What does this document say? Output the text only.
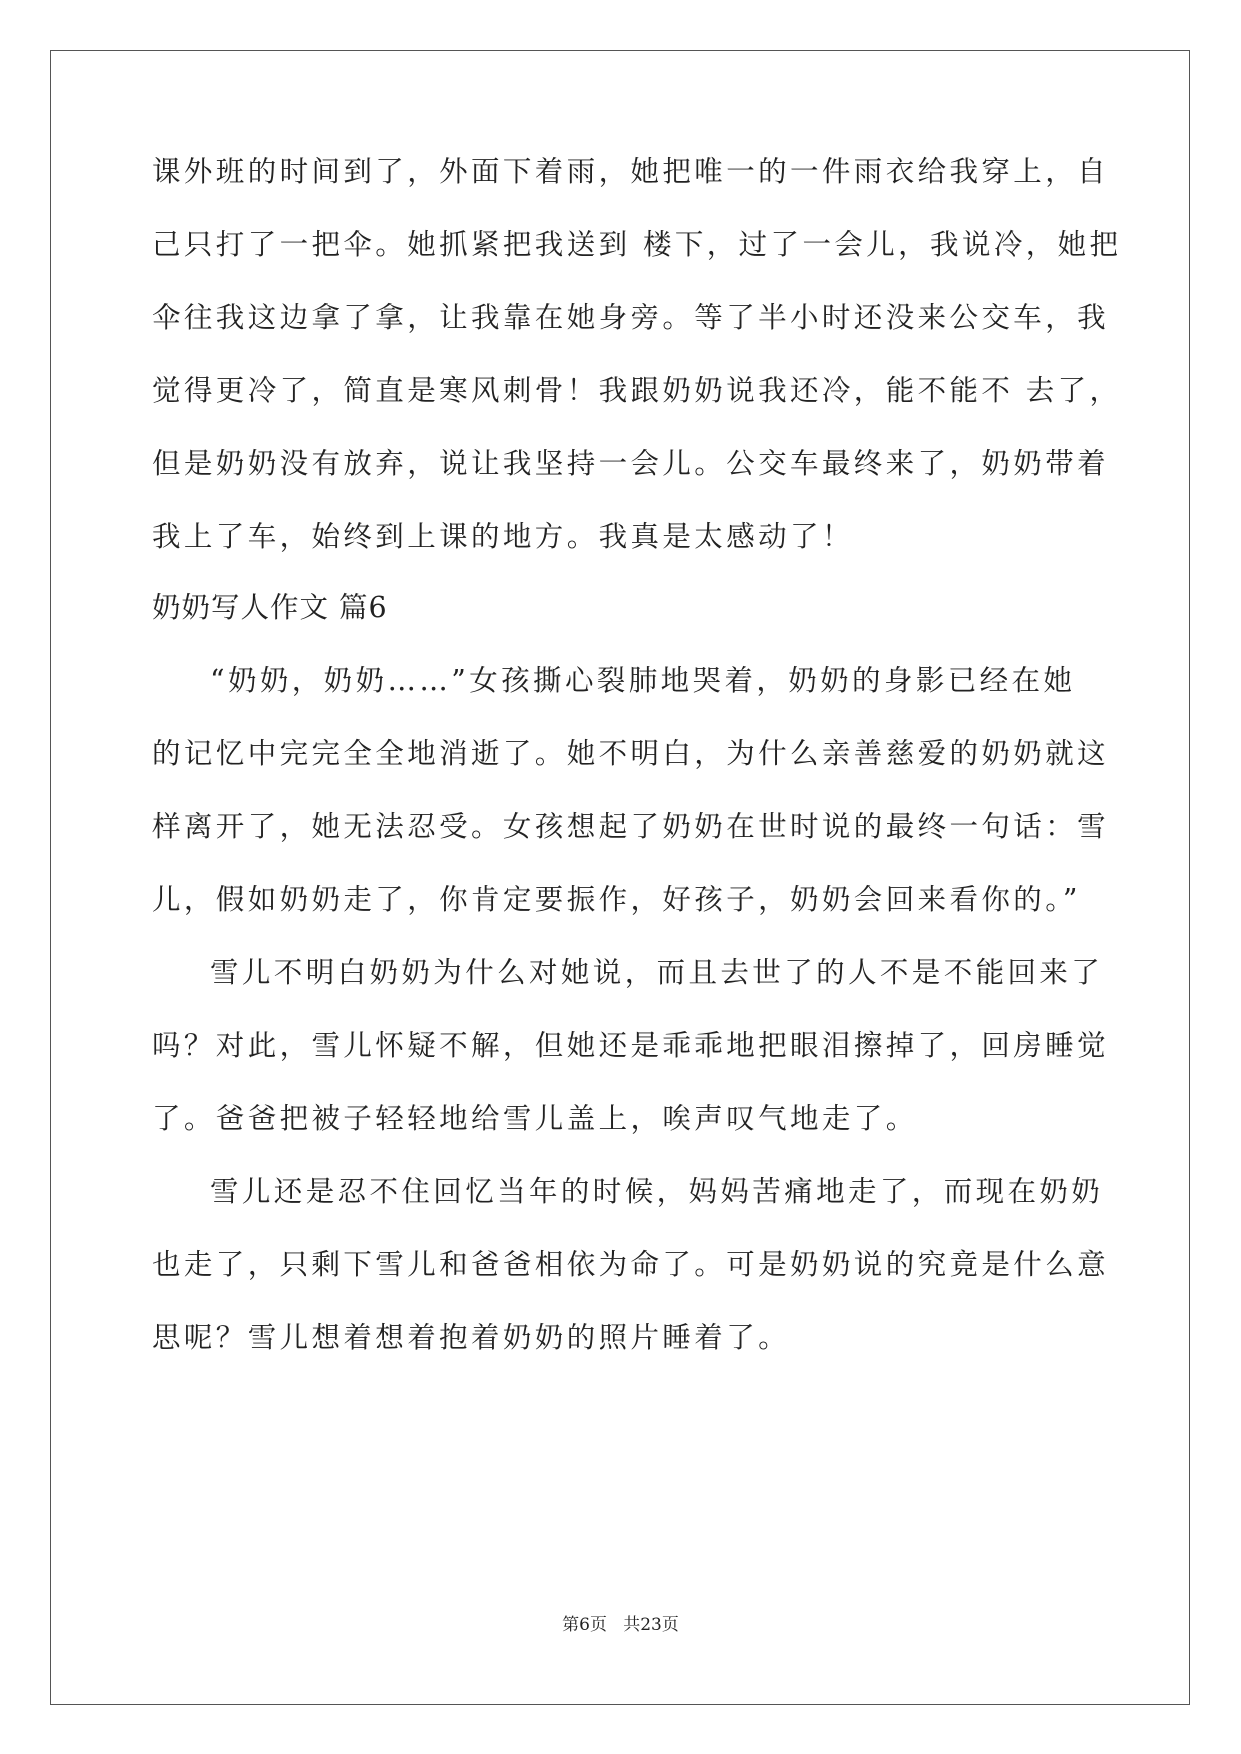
课外班的时间到了，外面下着雨，她把唯一的一件雨衣给我穿上，自
己只打了一把伞。她抓紧把我送到 楼下，过了一会儿，我说冷，她把
伞往我这边拿了拿，让我靠在她身旁。等了半小时还没来公交车，我
觉得更冷了，简直是寒风刺骨！我跟奶奶说我还冷，能不能不 去了，
但是奶奶没有放弃，说让我坚持一会儿。公交车最终来了，奶奶带着
我上了车，始终到上课的地方。我真是太感动了！
奶奶写人作文 篇6
“奶奶，奶奶……”女孩撕心裂肺地哭着，奶奶的身影已经在她
的记忆中完完全全地消逝了。她不明白，为什么亲善慈爱的奶奶就这
样离开了，她无法忍受。女孩想起了奶奶在世时说的最终一句话：雪
儿，假如奶奶走了，你肯定要振作，好孩子，奶奶会回来看你的。”
雪儿不明白奶奶为什么对她说，而且去世了的人不是不能回来了
吗？对此，雪儿怀疑不解，但她还是乖乖地把眼泪擦掉了，回房睡觉
了。爸爸把被子轻轻地给雪儿盖上，唉声叹气地走了。
雪儿还是忍不住回忆当年的时候，妈妈苦痛地走了，而现在奶奶
也走了，只剩下雪儿和爸爸相依为命了。可是奶奶说的究竟是什么意
思呢？雪儿想着想着抱着奶奶的照片睡着了。
第6页 共23页
